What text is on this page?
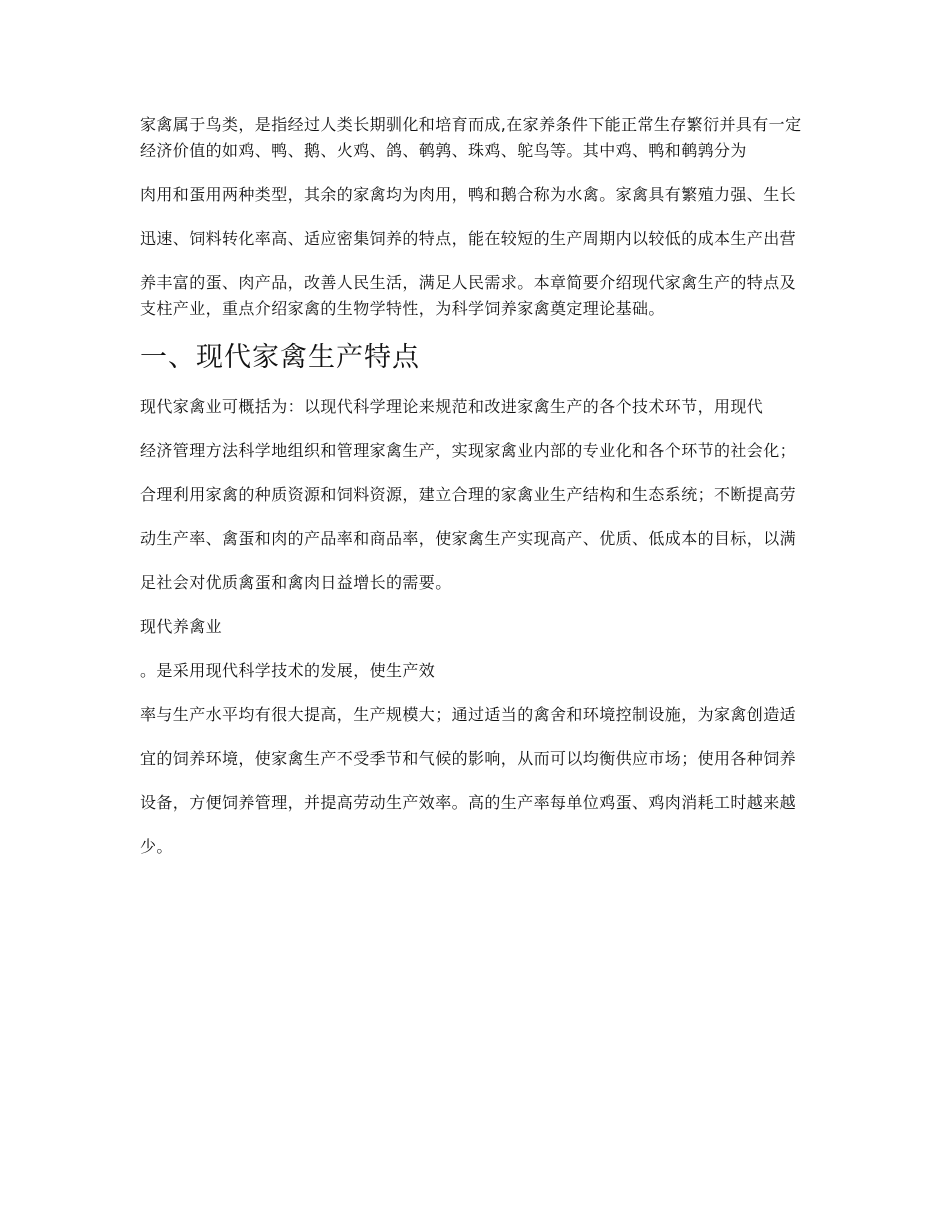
家禽属于鸟类，是指经过人类长期驯化和培育而成,在家养条件下能正常生存繁衍并具有一定经济价值的如鸡、鸭、鹅、火鸡、鸽、鹌鹑、珠鸡、鸵鸟等。其中鸡、鸭和鹌鹑分为

肉用和蛋用两种类型，其余的家禽均为肉用，鸭和鹅合称为水禽。家禽具有繁殖力强、生长

迅速、饲料转化率高、适应密集饲养的特点，能在较短的生产周期内以较低的成本生产出营

养丰富的蛋、肉产品，改善人民生活，满足人民需求。本章简要介绍现代家禽生产的特点及支柱产业，重点介绍家禽的生物学特性，为科学饲养家禽奠定理论基础。

一、现代家禽生产特点

现代家禽业可概括为：以现代科学理论来规范和改进家禽生产的各个技术环节，用现代

经济管理方法科学地组织和管理家禽生产，实现家禽业内部的专业化和各个环节的社会化；

合理利用家禽的种质资源和饲料资源，建立合理的家禽业生产结构和生态系统；不断提高劳

动生产率、禽蛋和肉的产品率和商品率，使家禽生产实现高产、优质、低成本的目标，以满

足社会对优质禽蛋和禽肉日益增长的需要。

现代养禽业

。是采用现代科学技术的发展，使生产效

率与生产水平均有很大提高，生产规模大；通过适当的禽舍和环境控制设施，为家禽创造适

宜的饲养环境，使家禽生产不受季节和气候的影响，从而可以均衡供应市场；使用各种饲养

设备，方便饲养管理，并提高劳动生产效率。高的生产率每单位鸡蛋、鸡肉消耗工时越来越

少。
